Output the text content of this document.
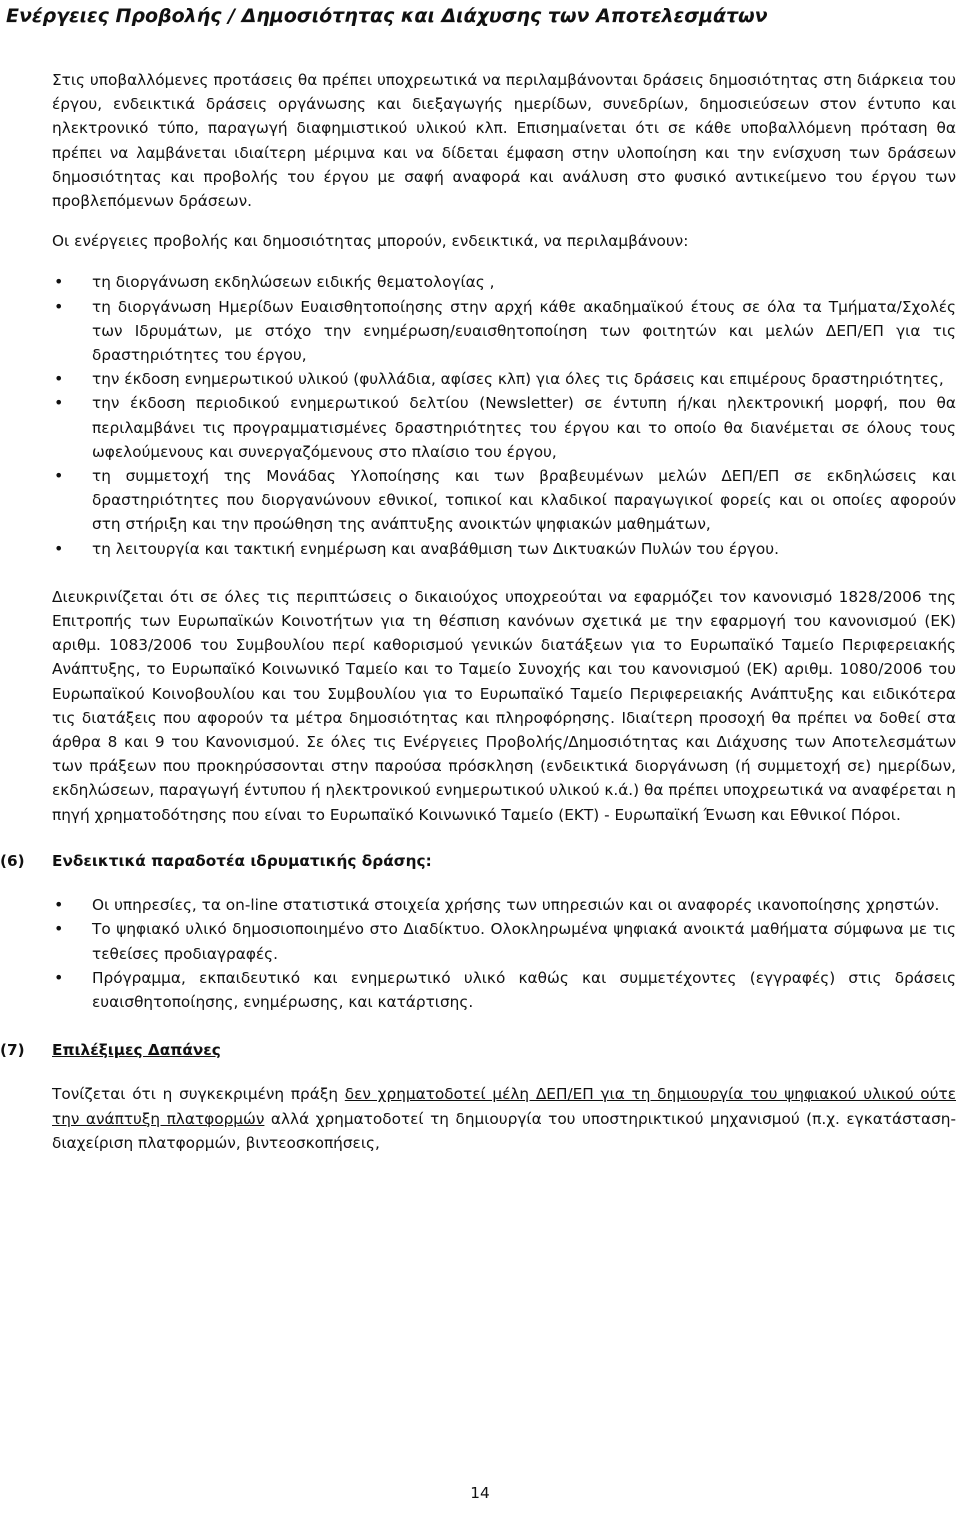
Ενέργειες Προβολής / Δημοσιότητας και Διάχυσης των Αποτελεσμάτων

Στις υποβαλλόμενες προτάσεις θα πρέπει υποχρεωτικά να περιλαμβάνονται δράσεις δημοσιότητας στη διάρκεια του έργου, ενδεικτικά δράσεις οργάνωσης και διεξαγωγής ημερίδων, συνεδρίων, δημοσιεύσεων στον έντυπο και ηλεκτρονικό τύπο, παραγωγή διαφημιστικού υλικού κλπ. Επισημαίνεται ότι σε κάθε υποβαλλόμενη πρόταση θα πρέπει να λαμβάνεται ιδιαίτερη μέριμνα και να δίδεται έμφαση στην υλοποίηση και την ενίσχυση των δράσεων δημοσιότητας και προβολής του έργου με σαφή αναφορά και ανάλυση στο φυσικό αντικείμενο του έργου των προβλεπόμενων δράσεων.

Οι ενέργειες προβολής και δημοσιότητας μπορούν, ενδεικτικά, να περιλαμβάνουν:

• τη διοργάνωση εκδηλώσεων ειδικής θεματολογίας ,
• τη διοργάνωση Ημερίδων Ευαισθητοποίησης στην αρχή κάθε ακαδημαϊκού έτους σε όλα τα Τμήματα/Σχολές των Ιδρυμάτων, με στόχο την ενημέρωση/ευαισθητοποίηση των φοιτητών και μελών ΔΕΠ/ΕΠ για τις δραστηριότητες του έργου,
• την έκδοση ενημερωτικού υλικού (φυλλάδια, αφίσες κλπ) για όλες τις δράσεις και επιμέρους δραστηριότητες,
• την έκδοση περιοδικού ενημερωτικού δελτίου (Newsletter) σε έντυπη ή/και ηλεκτρονική μορφή, που θα περιλαμβάνει τις προγραμματισμένες δραστηριότητες του έργου και το οποίο θα διανέμεται σε όλους τους ωφελούμενους και συνεργαζόμενους στο πλαίσιο του έργου,
• τη συμμετοχή της Μονάδας Υλοποίησης και των βραβευμένων μελών ΔΕΠ/ΕΠ σε εκδηλώσεις και δραστηριότητες που διοργανώνουν εθνικοί, τοπικοί και κλαδικοί παραγωγικοί φορείς και οι οποίες αφορούν στη στήριξη και την προώθηση της ανάπτυξης ανοικτών ψηφιακών μαθημάτων,
• τη λειτουργία και τακτική ενημέρωση και αναβάθμιση των Δικτυακών Πυλών του έργου.

Διευκρινίζεται ότι σε όλες τις περιπτώσεις ο δικαιούχος υποχρεούται να εφαρμόζει τον κανονισμό 1828/2006 της Επιτροπής των Ευρωπαϊκών Κοινοτήτων για τη θέσπιση κανόνων σχετικά με την εφαρμογή του κανονισμού (ΕΚ) αριθμ. 1083/2006 του Συμβουλίου περί καθορισμού γενικών διατάξεων για το Ευρωπαϊκό Ταμείο Περιφερειακής Ανάπτυξης, το Ευρωπαϊκό Κοινωνικό Ταμείο και το Ταμείο Συνοχής και του κανονισμού (ΕΚ) αριθμ. 1080/2006 του Ευρωπαϊκού Κοινοβουλίου και του Συμβουλίου για το Ευρωπαϊκό Ταμείο Περιφερειακής Ανάπτυξης και ειδικότερα τις διατάξεις που αφορούν τα μέτρα δημοσιότητας και πληροφόρησης. Ιδιαίτερη προσοχή θα πρέπει να δοθεί στα άρθρα 8 και 9 του Κανονισμού. Σε όλες τις Ενέργειες Προβολής/Δημοσιότητας και Διάχυσης των Αποτελεσμάτων των πράξεων που προκηρύσσονται στην παρούσα πρόσκληση (ενδεικτικά διοργάνωση (ή συμμετοχή σε) ημερίδων, εκδηλώσεων, παραγωγή έντυπου ή ηλεκτρονικού ενημερωτικού υλικού κ.ά.) θα πρέπει υποχρεωτικά να αναφέρεται η πηγή χρηματοδότησης που είναι το Ευρωπαϊκό Κοινωνικό Ταμείο (ΕΚΤ) - Ευρωπαϊκή Ένωση και Εθνικοί Πόροι.

(6)	Ενδεικτικά παραδοτέα ιδρυματικής δράσης:

• Οι υπηρεσίες, τα on-line στατιστικά στοιχεία χρήσης των υπηρεσιών και οι αναφορές ικανοποίησης χρηστών.
• Το ψηφιακό υλικό δημοσιοποιημένο στο Διαδίκτυο. Ολοκληρωμένα ψηφιακά ανοικτά μαθήματα σύμφωνα με τις τεθείσες προδιαγραφές.
• Πρόγραμμα, εκπαιδευτικό και ενημερωτικό υλικό καθώς και συμμετέχοντες (εγγραφές) στις δράσεις ευαισθητοποίησης, ενημέρωσης, και κατάρτισης.
(7)	Επιλέξιμες Δαπάνες

Τονίζεται ότι η συγκεκριμένη πράξη δεν χρηματοδοτεί μέλη ΔΕΠ/ΕΠ για τη δημιουργία του ψηφιακού υλικού ούτε την ανάπτυξη πλατφορμών αλλά χρηματοδοτεί τη δημιουργία του υποστηρικτικού μηχανισμού (π.χ. εγκατάσταση-διαχείριση πλατφορμών, βιντεοσκοπήσεις,

14
